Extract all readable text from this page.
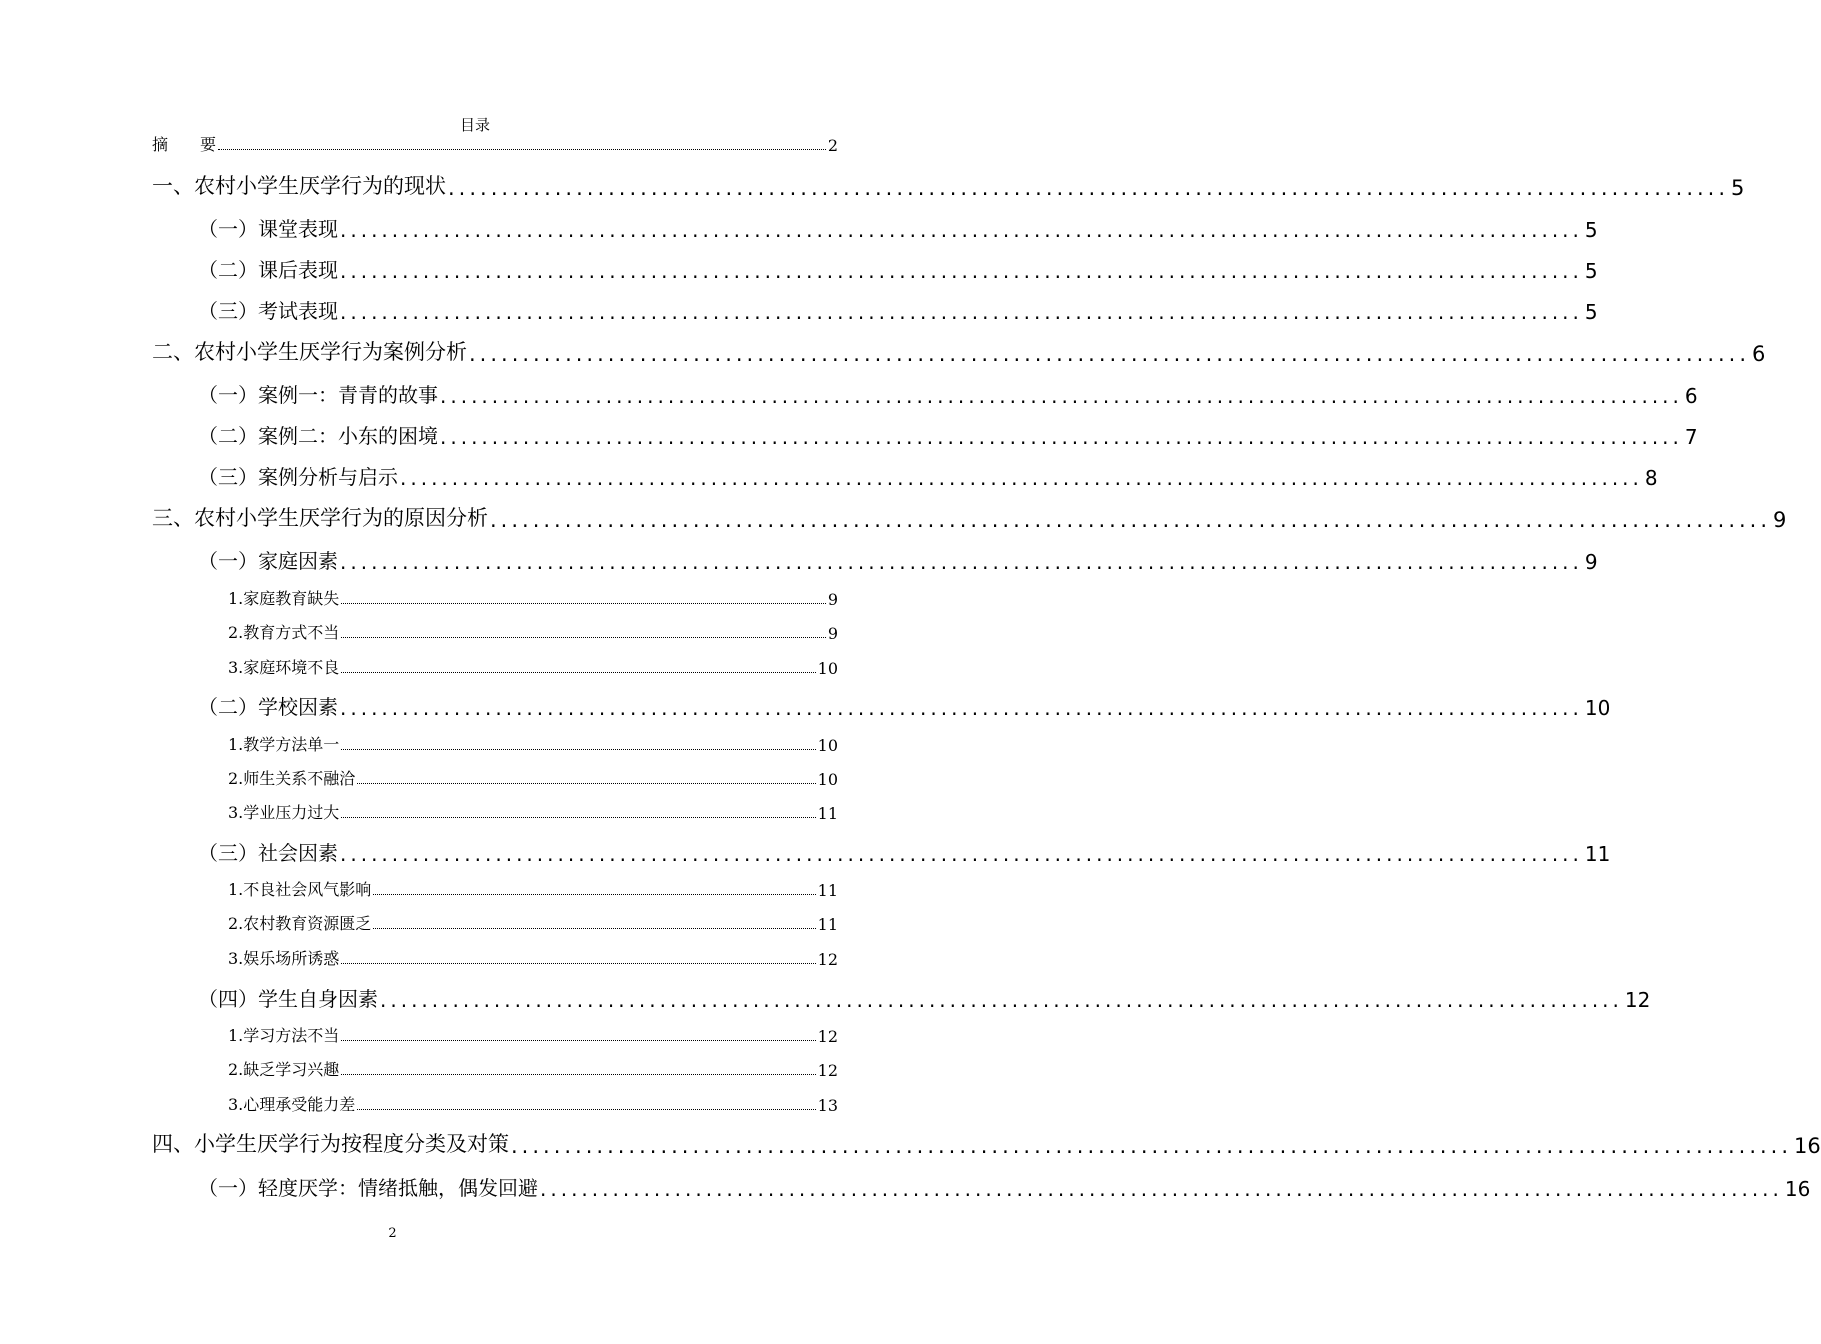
目录
摘　　要	2
一、农村小学生厌学行为的现状 ........................................................................................................................ 5
（一）课堂表现 ........................................................................................................................ 5
（二）课后表现 ........................................................................................................................ 5
（三）考试表现 ........................................................................................................................ 5
二、农村小学生厌学行为案例分析 ........................................................................................................................ 6
（一）案例一：青青的故事 ........................................................................................................................ 6
（二）案例二：小东的困境 ........................................................................................................................ 7
（三）案例分析与启示 ........................................................................................................................ 8
三、农村小学生厌学行为的原因分析 ........................................................................................................................ 9
（一）家庭因素 ........................................................................................................................ 9
1.家庭教育缺失	9
2.教育方式不当	9
3.家庭环境不良	10
（二）学校因素 ........................................................................................................................ 10
1.教学方法单一	10
2.师生关系不融洽	10
3.学业压力过大	11
（三）社会因素 ........................................................................................................................ 11
1.不良社会风气影响	11
2.农村教育资源匮乏	11
3.娱乐场所诱惑	12
（四）学生自身因素 ........................................................................................................................ 12
1.学习方法不当	12
2.缺乏学习兴趣	12
3.心理承受能力差	13
四、小学生厌学行为按程度分类及对策 ........................................................................................................................ 16
（一）轻度厌学：情绪抵触，偶发回避 ........................................................................................................................ 16
2
